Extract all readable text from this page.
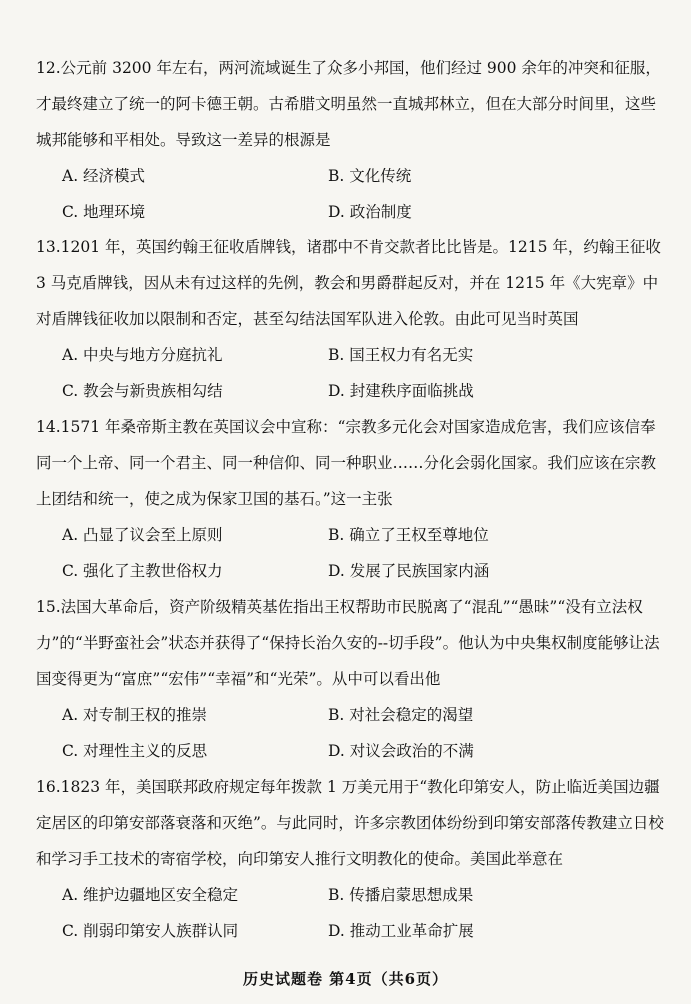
12.公元前 3200 年左右，两河流域诞生了众多小邦国，他们经过 900 余年的冲突和征服，才最终建立了统一的阿卡德王朝。古希腊文明虽然一直城邦林立，但在大部分时间里，这些城邦能够和平相处。导致这一差异的根源是

A. 经济模式	B. 文化传统
C. 地理环境	D. 政治制度

13.1201 年，英国约翰王征收盾牌钱，诸郡中不肯交款者比比皆是。1215 年，约翰王征收 3 马克盾牌钱，因从未有过这样的先例，教会和男爵群起反对，并在 1215 年《大宪章》中对盾牌钱征收加以限制和否定，甚至勾结法国军队进入伦敦。由此可见当时英国

A. 中央与地方分庭抗礼	B. 国王权力有名无实
C. 教会与新贵族相勾结	D. 封建秩序面临挑战

14.1571 年桑帝斯主教在英国议会中宣称：“宗教多元化会对国家造成危害，我们应该信奉同一个上帝、同一个君主、同一种信仰、同一种职业……分化会弱化国家。我们应该在宗教上团结和统一，使之成为保家卫国的基石。”这一主张

A. 凸显了议会至上原则	B. 确立了王权至尊地位
C. 强化了主教世俗权力	D. 发展了民族国家内涵

15.法国大革命后，资产阶级精英基佐指出王权帮助市民脱离了“混乱”“愚昧”“没有立法权力”的“半野蛮社会”状态并获得了“保持长治久安的--切手段”。他认为中央集权制度能够让法国变得更为“富庶”“宏伟”“幸福”和“光荣”。从中可以看出他

A. 对专制王权的推崇	B. 对社会稳定的渴望
C. 对理性主义的反思	D. 对议会政治的不满

16.1823 年，美国联邦政府规定每年拨款 1 万美元用于“教化印第安人，防止临近美国边疆定居区的印第安部落衰落和灭绝”。与此同时，许多宗教团体纷纷到印第安部落传教建立日校和学习手工技术的寄宿学校，向印第安人推行文明教化的使命。美国此举意在

A. 维护边疆地区安全稳定	B. 传播启蒙思想成果
C. 削弱印第安人族群认同	D. 推动工业革命扩展
历史试题卷 第4页（共6页）
